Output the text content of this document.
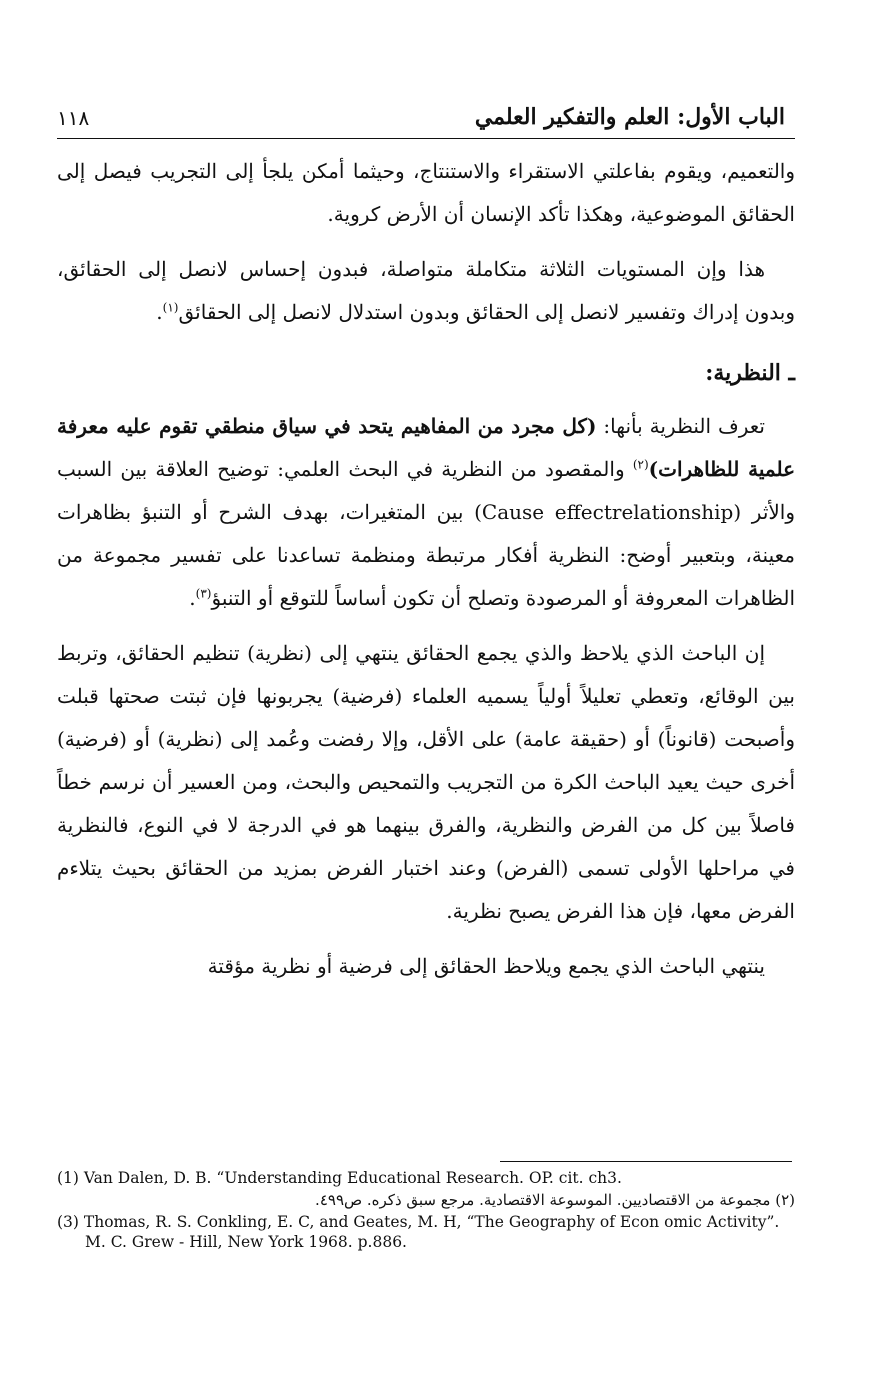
الباب الأول: العلم والتفكير العلمي
١١٨

والتعميم، ويقوم بفاعلتي الاستقراء والاستنتاج، وحيثما أمكن يلجأ إلى التجريب فيصل إلى الحقائق الموضوعية، وهكذا تأكد الإنسان أن الأرض كروية.

هذا وإن المستويات الثلاثة متكاملة متواصلة، فبدون إحساس لانصل إلى الحقائق، وبدون إدراك وتفسير لانصل إلى الحقائق وبدون استدلال لانصل إلى الحقائق$^{(١)}$.

ـ النظرية:

تعرف النظرية بأنها: (كل مجرد من المفاهيم يتحد في سياق منطقي تقوم عليه معرفة علمية للظاهرات)$^{(٢)}$ والمقصود من النظرية في البحث العلمي: توضيح العلاقة بين السبب والأثر (Cause effectrelationship) بين المتغيرات، بهدف الشرح أو التنبؤ بظاهرات معينة، وبتعبير أوضح: النظرية أفكار مرتبطة ومنظمة تساعدنا على تفسير مجموعة من الظاهرات المعروفة أو المرصودة وتصلح أن تكون أساساً للتوقع أو التنبؤ$^{(٣)}$.

إن الباحث الذي يلاحظ والذي يجمع الحقائق ينتهي إلى (نظرية) تنظيم الحقائق، وتربط بين الوقائع، وتعطي تعليلاً أولياً يسميه العلماء (فرضية) يجربونها فإن ثبتت صحتها قبلت وأصبحت (قانوناً) أو (حقيقة عامة) على الأقل، وإلا رفضت وعُمد إلى (نظرية) أو (فرضية) أخرى حيث يعيد الباحث الكرة من التجريب والتمحيص والبحث، ومن العسير أن نرسم خطاً فاصلاً بين كل من الفرض والنظرية، والفرق بينهما هو في الدرجة لا في النوع، فالنظرية في مراحلها الأولى تسمى (الفرض) وعند اختبار الفرض بمزيد من الحقائق بحيث يتلاءم الفرض معها، فإن هذا الفرض يصبح نظرية.

ينتهي الباحث الذي يجمع ويلاحظ الحقائق إلى فرضية أو نظرية مؤقتة

(1) Van Dalen, D. B. “Understanding Educational Research. OP. cit. ch3.

(٢) مجموعة من الاقتصاديين. الموسوعة الاقتصادية. مرجع سبق ذكره. ص٤٩٩.

(3) Thomas, R. S. Conkling, E. C, and Geates, M. H, “The Geography of Econ omic Activity”. M. C. Grew - Hill, New York 1968. p.886.
